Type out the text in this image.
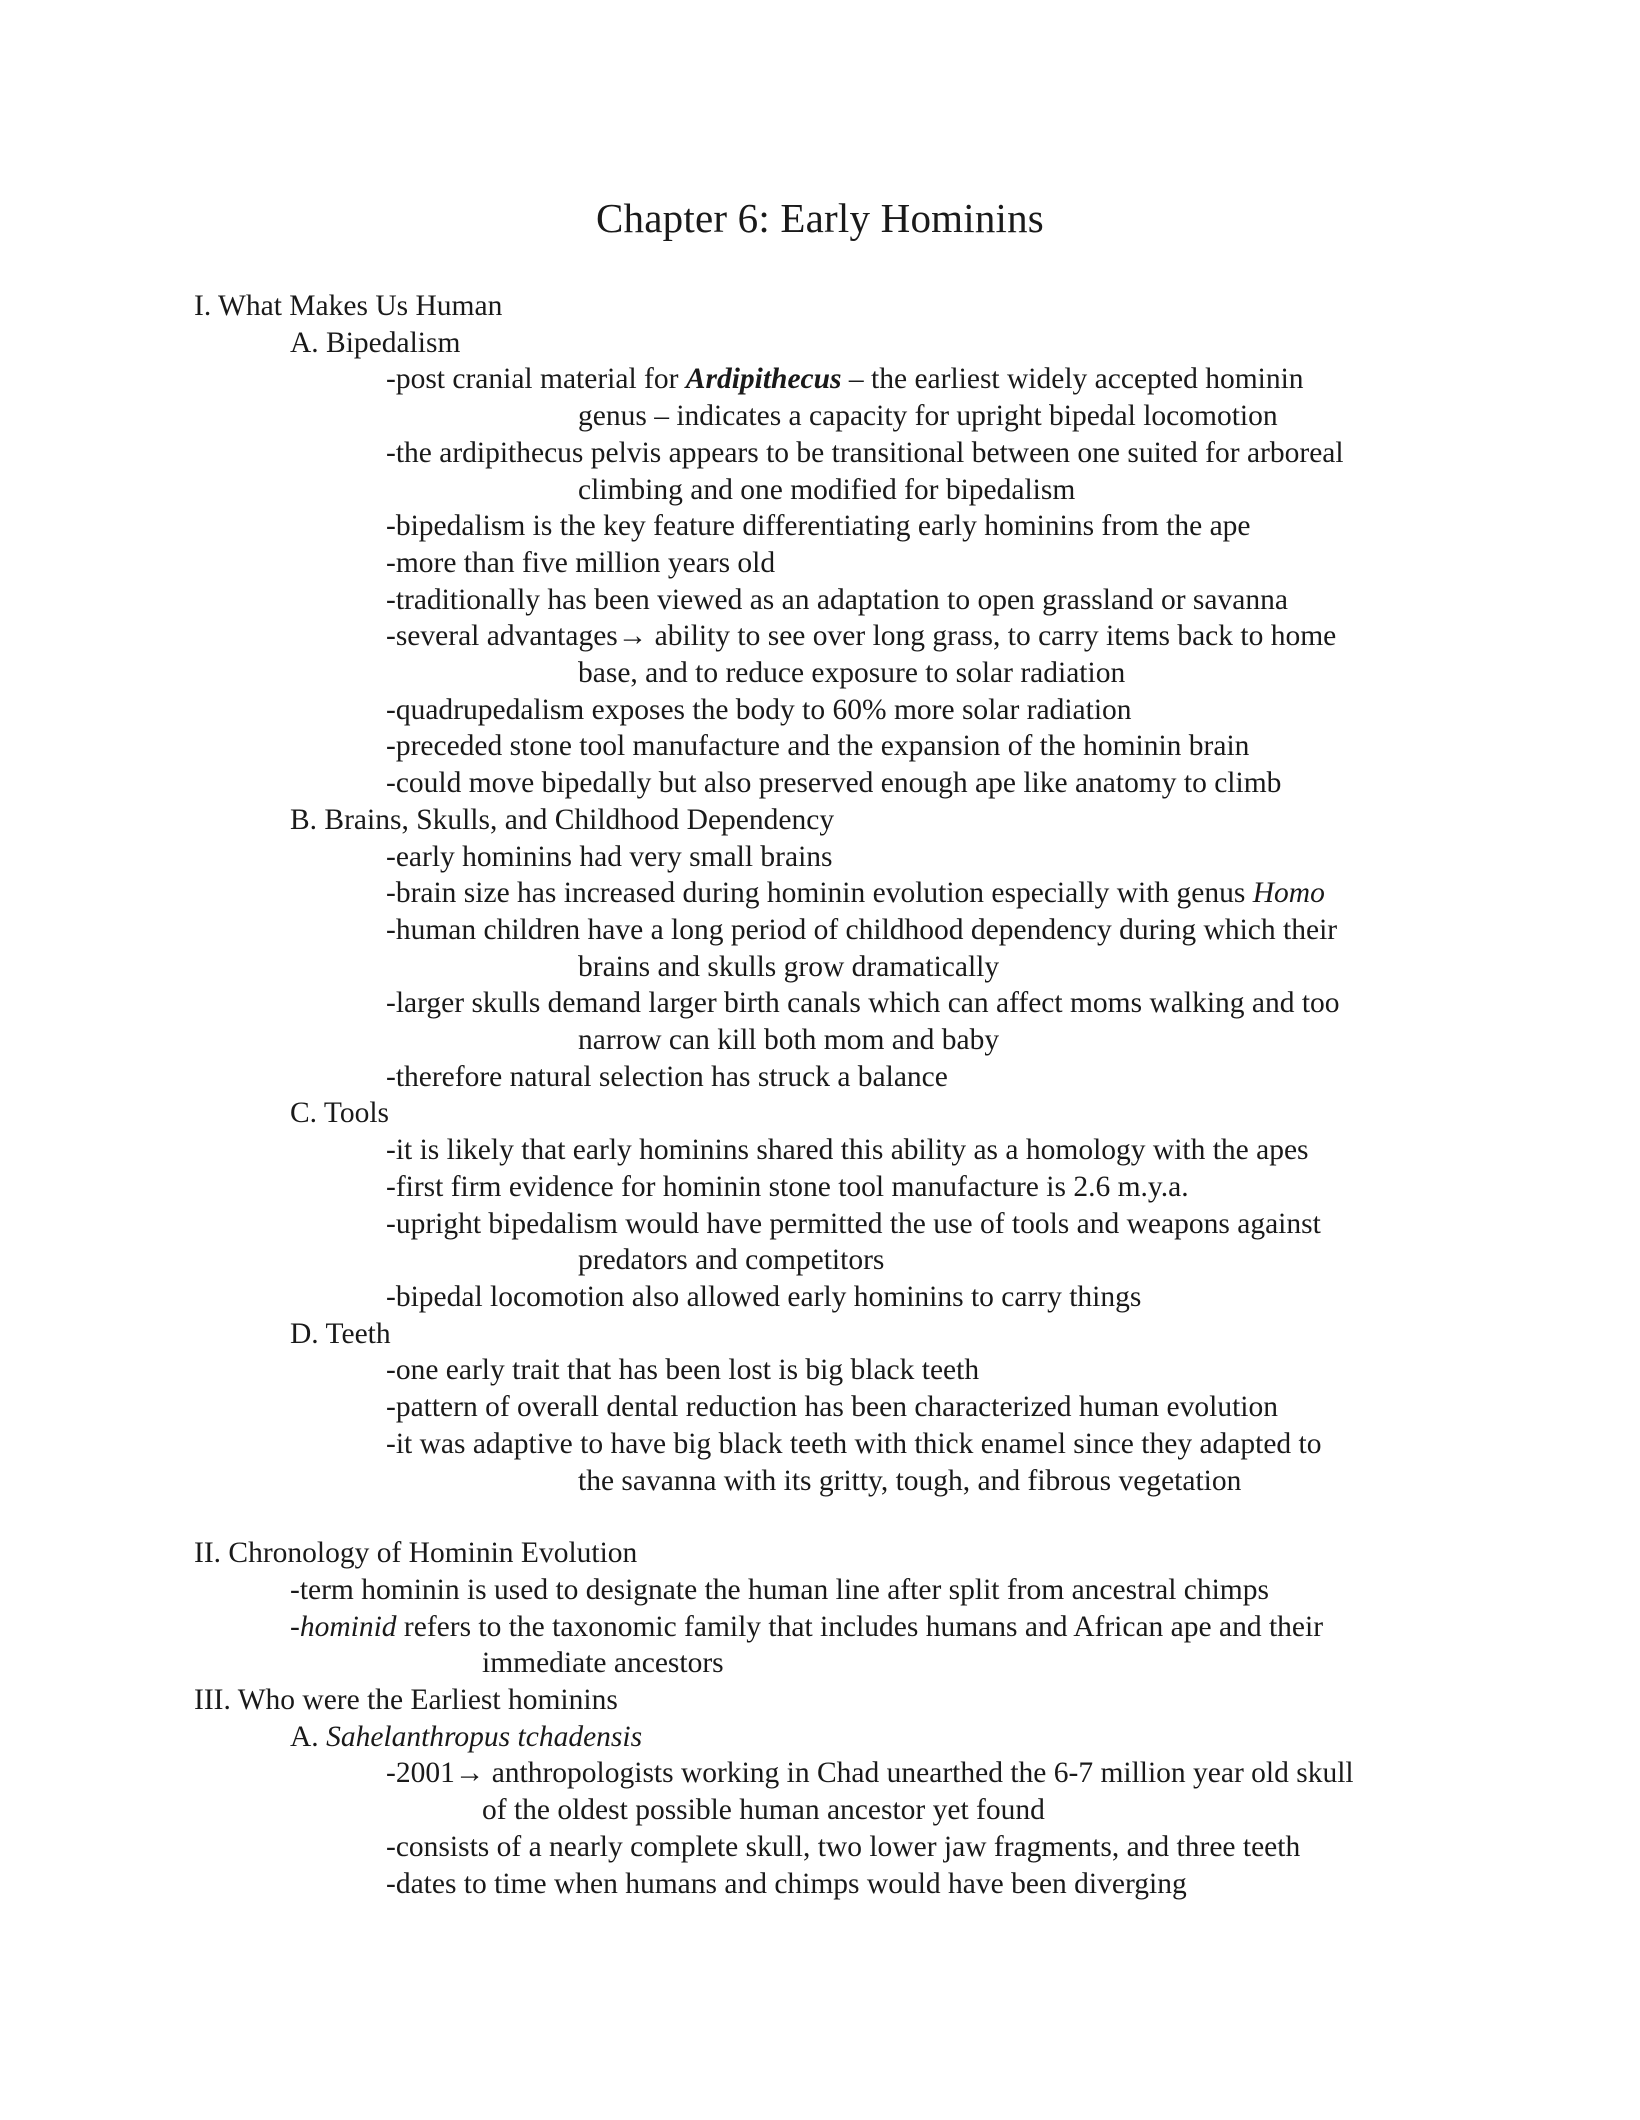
Chapter 6: Early Hominins
I. What Makes Us Human
A. Bipedalism
-post cranial material for Ardipithecus – the earliest widely accepted hominin
genus – indicates a capacity for upright bipedal locomotion
-the ardipithecus pelvis appears to be transitional between one suited for arboreal
climbing and one modified for bipedalism
-bipedalism is the key feature differentiating early hominins from the ape
-more than five million years old
-traditionally has been viewed as an adaptation to open grassland or savanna
-several advantages→ ability to see over long grass, to carry items back to home
base, and to reduce exposure to solar radiation
-quadrupedalism exposes the body to 60% more solar radiation
-preceded stone tool manufacture and the expansion of the hominin brain
-could move bipedally but also preserved enough ape like anatomy to climb
B. Brains, Skulls, and Childhood Dependency
-early hominins had very small brains
-brain size has increased during hominin evolution especially with genus Homo
-human children have a long period of childhood dependency during which their
brains and skulls grow dramatically
-larger skulls demand larger birth canals which can affect moms walking and too
narrow can kill both mom and baby
-therefore natural selection has struck a balance
C. Tools
-it is likely that early hominins shared this ability as a homology with the apes
-first firm evidence for hominin stone tool manufacture is 2.6 m.y.a.
-upright bipedalism would have permitted the use of tools and weapons against
predators and competitors
-bipedal locomotion also allowed early hominins to carry things
D. Teeth
-one early trait that has been lost is big black teeth
-pattern of overall dental reduction has been characterized human evolution
-it was adaptive to have big black teeth with thick enamel since they adapted to
the savanna with its gritty, tough, and fibrous vegetation
II. Chronology of Hominin Evolution
-term hominin is used to designate the human line after split from ancestral chimps
-hominid refers to the taxonomic family that includes humans and African ape and their
immediate ancestors
III. Who were the Earliest hominins
A. Sahelanthropus tchadensis
-2001→ anthropologists working in Chad unearthed the 6-7 million year old skull
of the oldest possible human ancestor yet found
-consists of a nearly complete skull, two lower jaw fragments, and three teeth
-dates to time when humans and chimps would have been diverging
